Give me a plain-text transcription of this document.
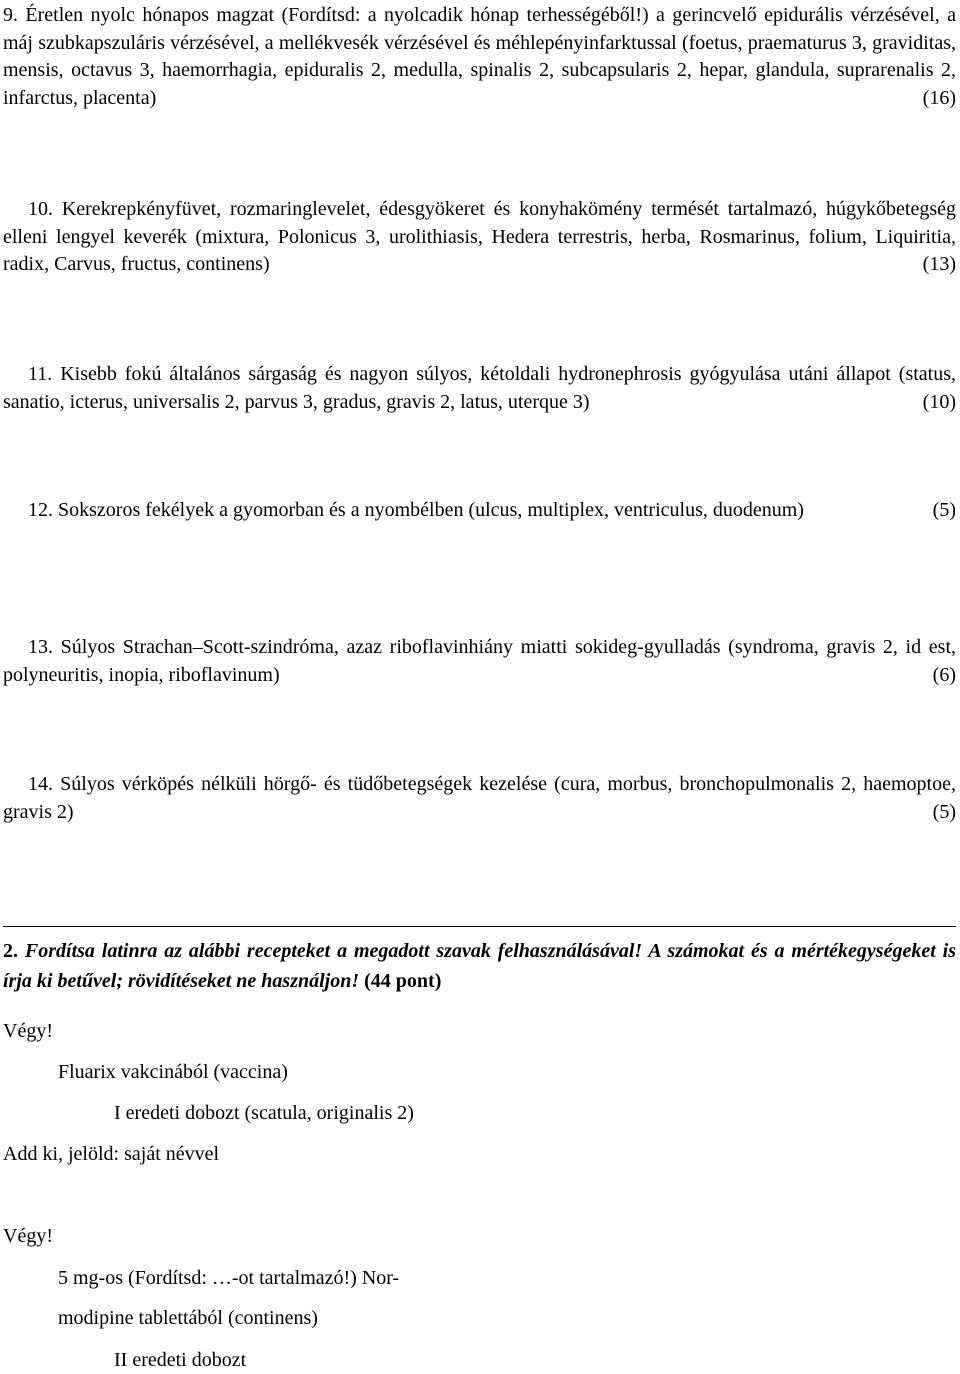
9. Éretlen nyolc hónapos magzat (Fordítsd: a nyolcadik hónap terhességéből!) a gerincvelő epidurális vérzésével, a máj szubkapszuláris vérzésével, a mellékvesék vérzésével és méhlepényinfarktussal (foetus, praematurus 3, graviditas, mensis, octavus 3, haemorrhagia, epiduralis 2, medulla, spinalis 2, subcapsularis 2, hepar, glandula, suprarenalis 2, infarctus, placenta)	(16)
10. Kerekrepkényfüvet, rozmaringlevelet, édesgyökeret és konyhakömény termését tartalmazó, húgykőbetegség elleni lengyel keverék (mixtura, Polonicus 3, urolithiasis, Hedera terrestris, herba, Rosmarinus, folium, Liquiritia, radix, Carvus, fructus, continens)	(13)
11. Kisebb fokú általános sárgaság és nagyon súlyos, kétoldali hydronephrosis gyógyulása utáni állapot (status, sanatio, icterus, universalis 2, parvus 3, gradus, gravis 2, latus, uterque 3)	(10)
12. Sokszoros fekélyek a gyomorban és a nyombélben (ulcus, multiplex, ventriculus, duodenum)	(5)
13. Súlyos Strachan–Scott-szindróma, azaz riboflavinhiány miatti sokideg-gyulladás (syndroma, gravis 2, id est, polyneuritis, inopia, riboflavinum)	(6)
14. Súlyos vérköpés nélküli hörgő- és tüdőbetegségek kezelése (cura, morbus, bronchopulmonalis 2, haemoptoe, gravis 2)	(5)
2. Fordítsa latinra az alábbi recepteket a megadott szavak felhasználásával! A számokat és a mértékegységeket is írja ki betűvel; rövidítéseket ne használjon! (44 pont)
Végy!
Fluarix vakcinából (vaccina)
I eredeti dobozt (scatula, originalis 2)
Add ki, jelöld: saját névvel
Végy!
5 mg-os (Fordítsd: …-ot tartalmazó!) Nor-
modipine tablettából (continens)
II eredeti dobozt
